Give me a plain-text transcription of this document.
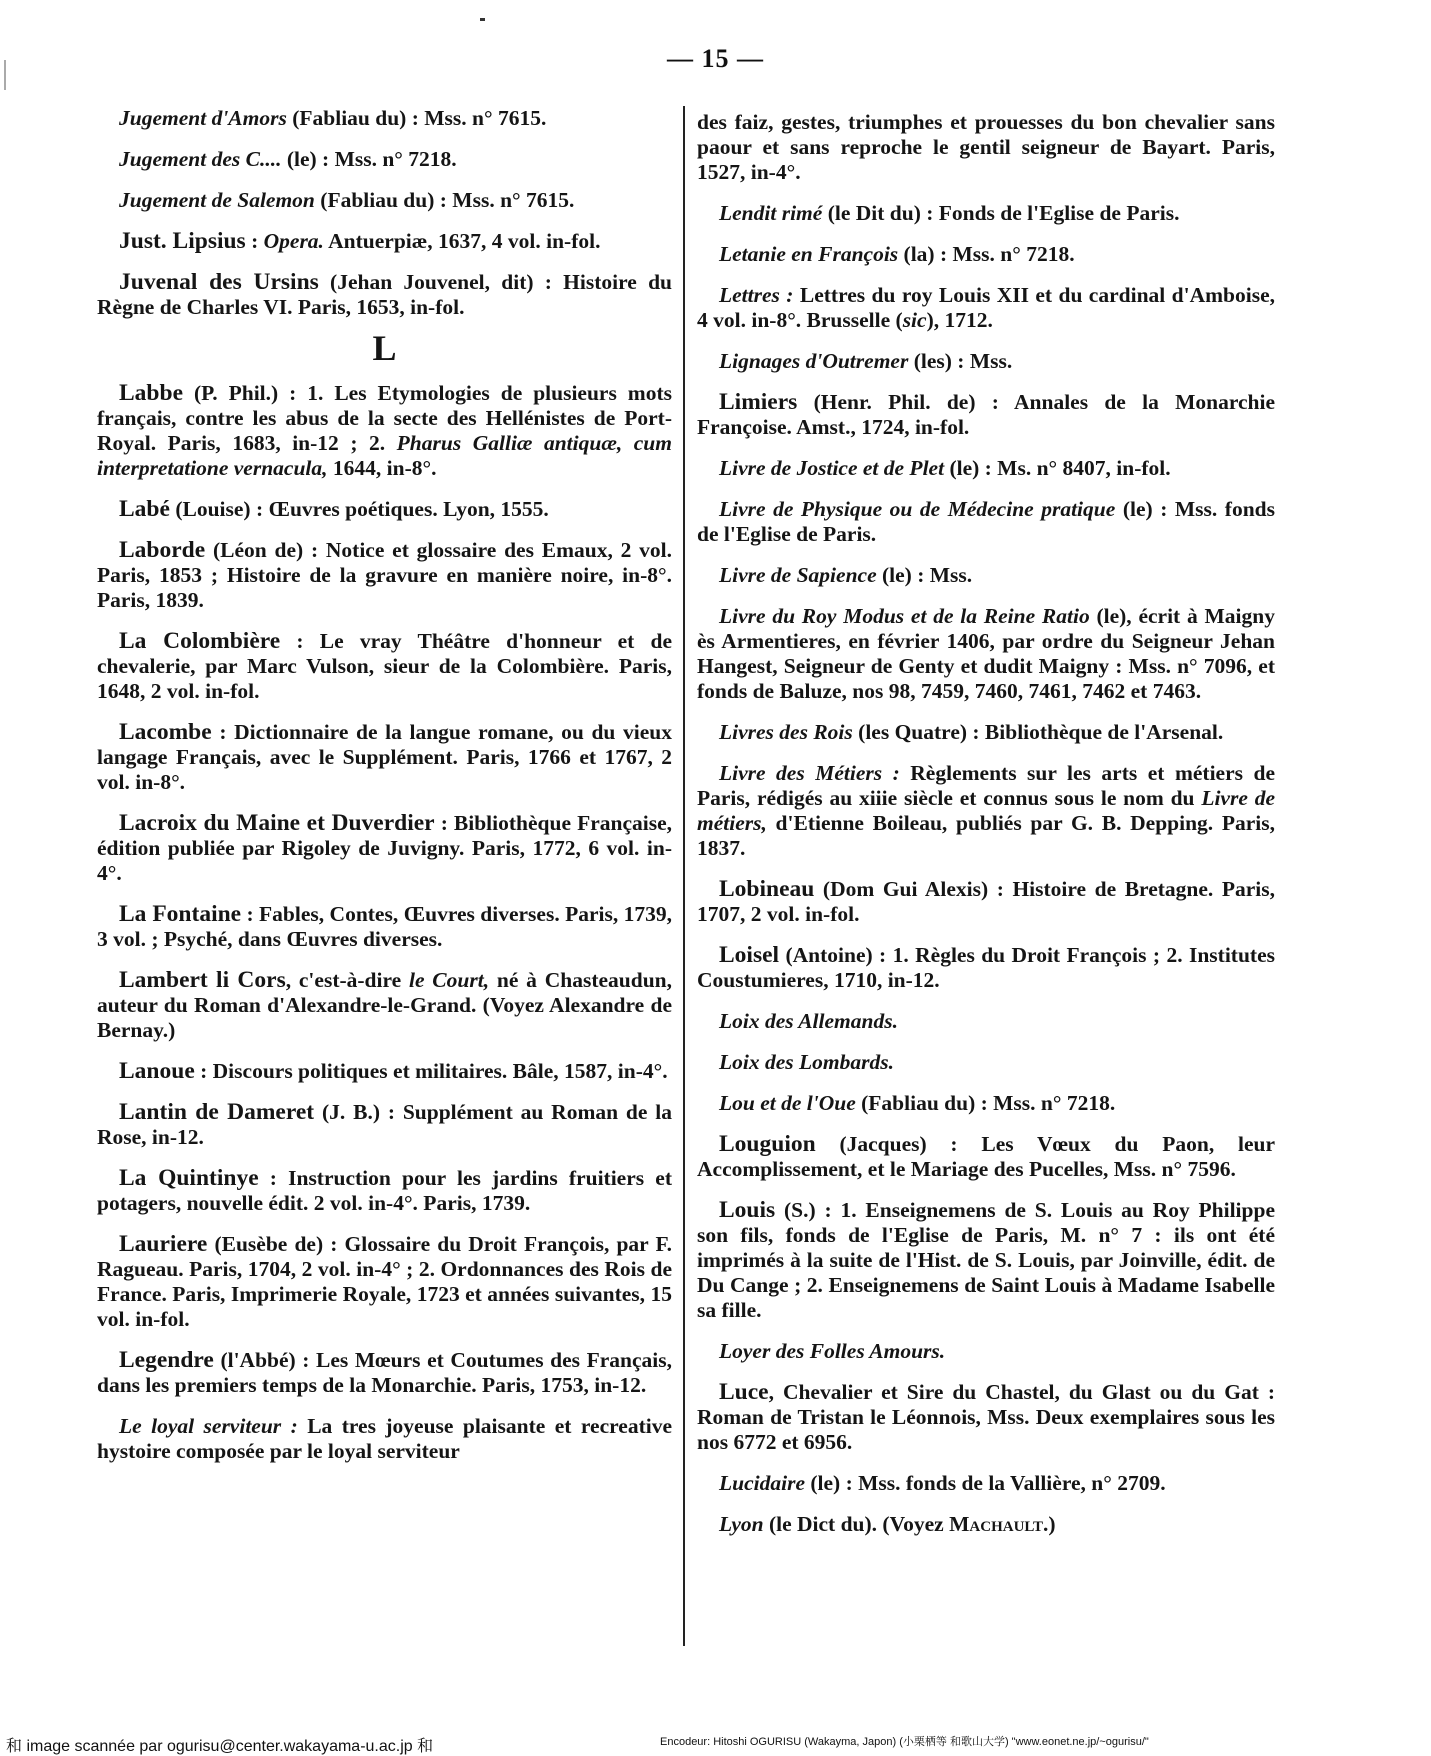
— 15 —

Jugement d'Amors (Fabliau du) : Mss. n° 7615.

Jugement des C.... (le) : Mss. n° 7218.

Jugement de Salemon (Fabliau du) : Mss. n° 7615.

Just. Lipsius : Opera. Antuerpiæ, 1637, 4 vol. in-fol.

Juvenal des Ursins (Jehan Jouvenel, dit) : Histoire du Règne de Charles VI. Paris, 1653, in-fol.

L

Labbe (P. Phil.) : 1. Les Etymologies de plusieurs mots français, contre les abus de la secte des Hellénistes de Port-Royal. Paris, 1683, in-12 ; 2. Pharus Galliæ antiquæ, cum interpretatione vernacula, 1644, in-8°.

Labé (Louise) : Œuvres poétiques. Lyon, 1555.

Laborde (Léon de) : Notice et glossaire des Emaux, 2 vol. Paris, 1853 ; Histoire de la gravure en manière noire, in-8°. Paris, 1839.

La Colombière : Le vray Théâtre d'honneur et de chevalerie, par Marc Vulson, sieur de la Colombière. Paris, 1648, 2 vol. in-fol.

Lacombe : Dictionnaire de la langue romane, ou du vieux langage Français, avec le Supplément. Paris, 1766 et 1767, 2 vol. in-8°.

Lacroix du Maine et Duverdier : Bibliothèque Française, édition publiée par Rigoley de Juvigny. Paris, 1772, 6 vol. in-4°.

La Fontaine : Fables, Contes, Œuvres diverses. Paris, 1739, 3 vol. ; Psyché, dans Œuvres diverses.

Lambert li Cors, c'est-à-dire le Court, né à Chasteaudun, auteur du Roman d'Alexandre-le-Grand. (Voyez Alexandre de Bernay.)

Lanoue : Discours politiques et militaires. Bâle, 1587, in-4°.

Lantin de Dameret (J. B.) : Supplément au Roman de la Rose, in-12.

La Quintinye : Instruction pour les jardins fruitiers et potagers, nouvelle édit. 2 vol. in-4°. Paris, 1739.

Lauriere (Eusèbe de) : Glossaire du Droit François, par F. Ragueau. Paris, 1704, 2 vol. in-4° ; 2. Ordonnances des Rois de France. Paris, Imprimerie Royale, 1723 et années suivantes, 15 vol. in-fol.

Legendre (l'Abbé) : Les Mœurs et Coutumes des Français, dans les premiers temps de la Monarchie. Paris, 1753, in-12.

Le loyal serviteur : La tres joyeuse plaisante et recreative hystoire composée par le loyal serviteur

des faiz, gestes, triumphes et prouesses du bon chevalier sans paour et sans reproche le gentil seigneur de Bayart. Paris, 1527, in-4°.

Lendit rimé (le Dit du) : Fonds de l'Eglise de Paris.

Letanie en François (la) : Mss. n° 7218.

Lettres : Lettres du roy Louis XII et du cardinal d'Amboise, 4 vol. in-8°. Brusselle (sic), 1712.

Lignages d'Outremer (les) : Mss.

Limiers (Henr. Phil. de) : Annales de la Monarchie Françoise. Amst., 1724, in-fol.

Livre de Jostice et de Plet (le) : Ms. n° 8407, in-fol.

Livre de Physique ou de Médecine pratique (le) : Mss. fonds de l'Eglise de Paris.

Livre de Sapience (le) : Mss.

Livre du Roy Modus et de la Reine Ratio (le), écrit à Maigny ès Armentieres, en février 1406, par ordre du Seigneur Jehan Hangest, Seigneur de Genty et dudit Maigny : Mss. n° 7096, et fonds de Baluze, nos 98, 7459, 7460, 7461, 7462 et 7463.

Livres des Rois (les Quatre) : Bibliothèque de l'Arsenal.

Livre des Métiers : Règlements sur les arts et métiers de Paris, rédigés au xiiie siècle et connus sous le nom du Livre de métiers, d'Etienne Boileau, publiés par G. B. Depping. Paris, 1837.

Lobineau (Dom Gui Alexis) : Histoire de Bretagne. Paris, 1707, 2 vol. in-fol.

Loisel (Antoine) : 1. Règles du Droit François ; 2. Institutes Coustumieres, 1710, in-12.

Loix des Allemands.

Loix des Lombards.

Lou et de l'Oue (Fabliau du) : Mss. n° 7218.

Louguion (Jacques) : Les Vœux du Paon, leur Accomplissement, et le Mariage des Pucelles, Mss. n° 7596.

Louis (S.) : 1. Enseignemens de S. Louis au Roy Philippe son fils, fonds de l'Eglise de Paris, M. n° 7 : ils ont été imprimés à la suite de l'Hist. de S. Louis, par Joinville, édit. de Du Cange ; 2. Enseignemens de Saint Louis à Madame Isabelle sa fille.

Loyer des Folles Amours.

Luce, Chevalier et Sire du Chastel, du Glast ou du Gat : Roman de Tristan le Léonnois, Mss. Deux exemplaires sous les nos 6772 et 6956.

Lucidaire (le) : Mss. fonds de la Vallière, n° 2709.

Lyon (le Dict du). (Voyez Machault.)

Encodeur: Hitoshi OGURISU (Wakayma, Japon) (小栗栖等 和歌山大学) "www.eonet.ne.jp/~ogurisu/"
和 image scannée par ogurisu@center.wakayama-u.ac.jp 和
